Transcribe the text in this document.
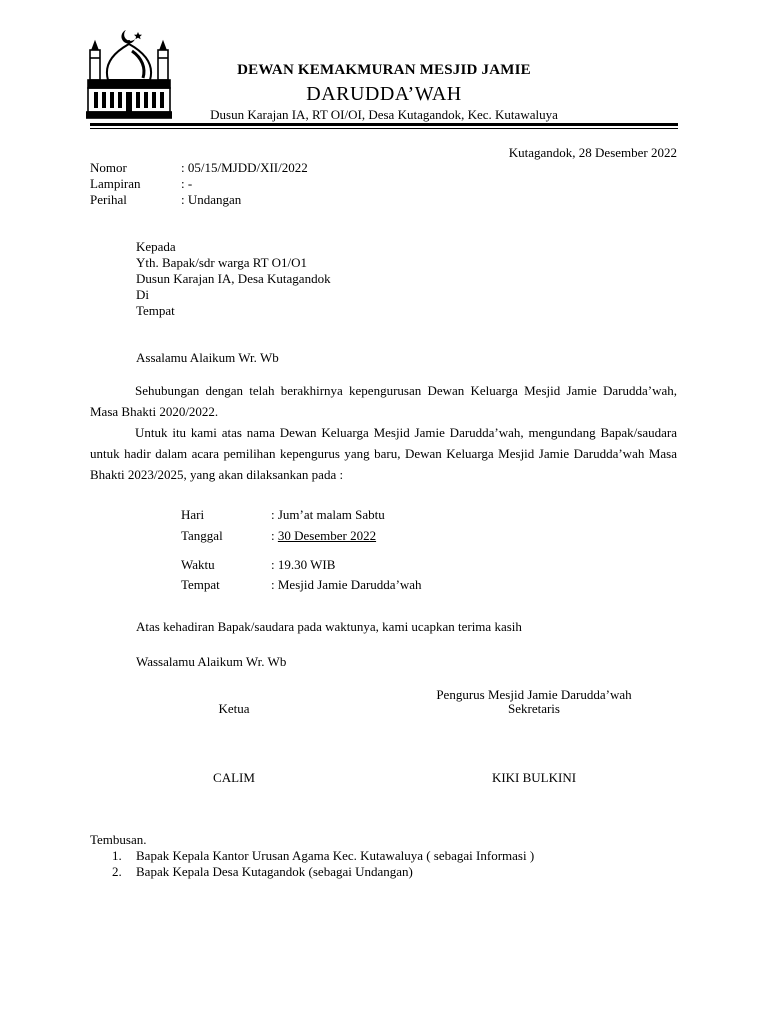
DEWAN KEMAKMURAN MESJID JAMIE
DARUDDA’WAH
Dusun Karajan IA, RT OI/OI, Desa Kutagandok, Kec. Kutawaluya
Kutagandok, 28 Desember 2022
Nomor	: 05/15/MJDD/XII/2022
Lampiran	: -
Perihal	: Undangan
Kepada
Yth. Bapak/sdr warga RT O1/O1
Dusun Karajan IA, Desa Kutagandok
Di
Tempat
Assalamu Alaikum Wr. Wb

Sehubungan dengan telah berakhirnya kepengurusan Dewan Keluarga Mesjid Jamie Darudda’wah, Masa Bhakti 2020/2022.

Untuk itu kami atas nama Dewan Keluarga Mesjid Jamie Darudda’wah, mengundang Bapak/saudara untuk hadir dalam acara pemilihan kepengurus yang baru, Dewan Keluarga Mesjid Jamie Darudda’wah Masa Bhakti 2023/2025, yang akan dilaksankan pada :

Hari	: Jum’at malam Sabtu
Tanggal	: 30 Desember 2022
Waktu	: 19.30 WIB
Tempat	: Mesjid Jamie Darudda’wah
Atas kehadiran Bapak/saudara pada waktunya, kami ucapkan terima kasih
Wassalamu Alaikum Wr. Wb
Pengurus Mesjid Jamie Darudda’wah
Ketua	Sekretaris
CALIM	KIKI BULKINI
Tembusan.
1. Bapak Kepala Kantor Urusan Agama Kec. Kutawaluya ( sebagai Informasi )
2. Bapak Kepala Desa Kutagandok (sebagai Undangan)
